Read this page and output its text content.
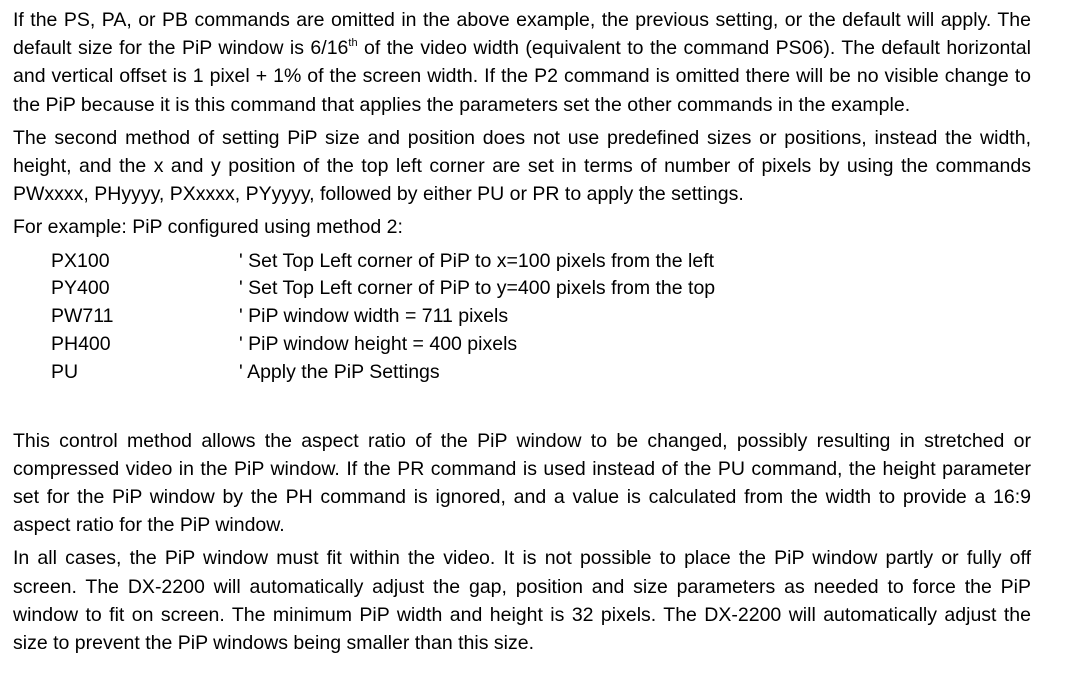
If the PS, PA, or PB commands are omitted in the above example, the previous setting, or the default will apply. The default size for the PiP window is 6/16th of the video width (equivalent to the command PS06). The default horizontal and vertical offset is 1 pixel + 1% of the screen width. If the P2 command is omitted there will be no visible change to the PiP because it is this command that applies the parameters set the other commands in the example.

The second method of setting PiP size and position does not use predefined sizes or positions, instead the width, height, and the x and y position of the top left corner are set in terms of number of pixels by using the commands PWxxxx, PHyyyy, PXxxxx, PYyyyy, followed by either PU or PR to apply the settings.

For example: PiP configured using method 2:

PX100	' Set Top Left corner of PiP to x=100 pixels from the left
PY400	' Set Top Left corner of PiP to y=400 pixels from the top
PW711	' PiP window width = 711 pixels
PH400	' PiP window height = 400 pixels
PU	' Apply the PiP Settings

This control method allows the aspect ratio of the PiP window to be changed, possibly resulting in stretched or compressed video in the PiP window. If the PR command is used instead of the PU command, the height parameter set for the PiP window by the PH command is ignored, and a value is calculated from the width to provide a 16:9 aspect ratio for the PiP window.

In all cases, the PiP window must fit within the video. It is not possible to place the PiP window partly or fully off screen. The DX-2200 will automatically adjust the gap, position and size parameters as needed to force the PiP window to fit on screen. The minimum PiP width and height is 32 pixels. The DX-2200 will automatically adjust the size to prevent the PiP windows being smaller than this size.
